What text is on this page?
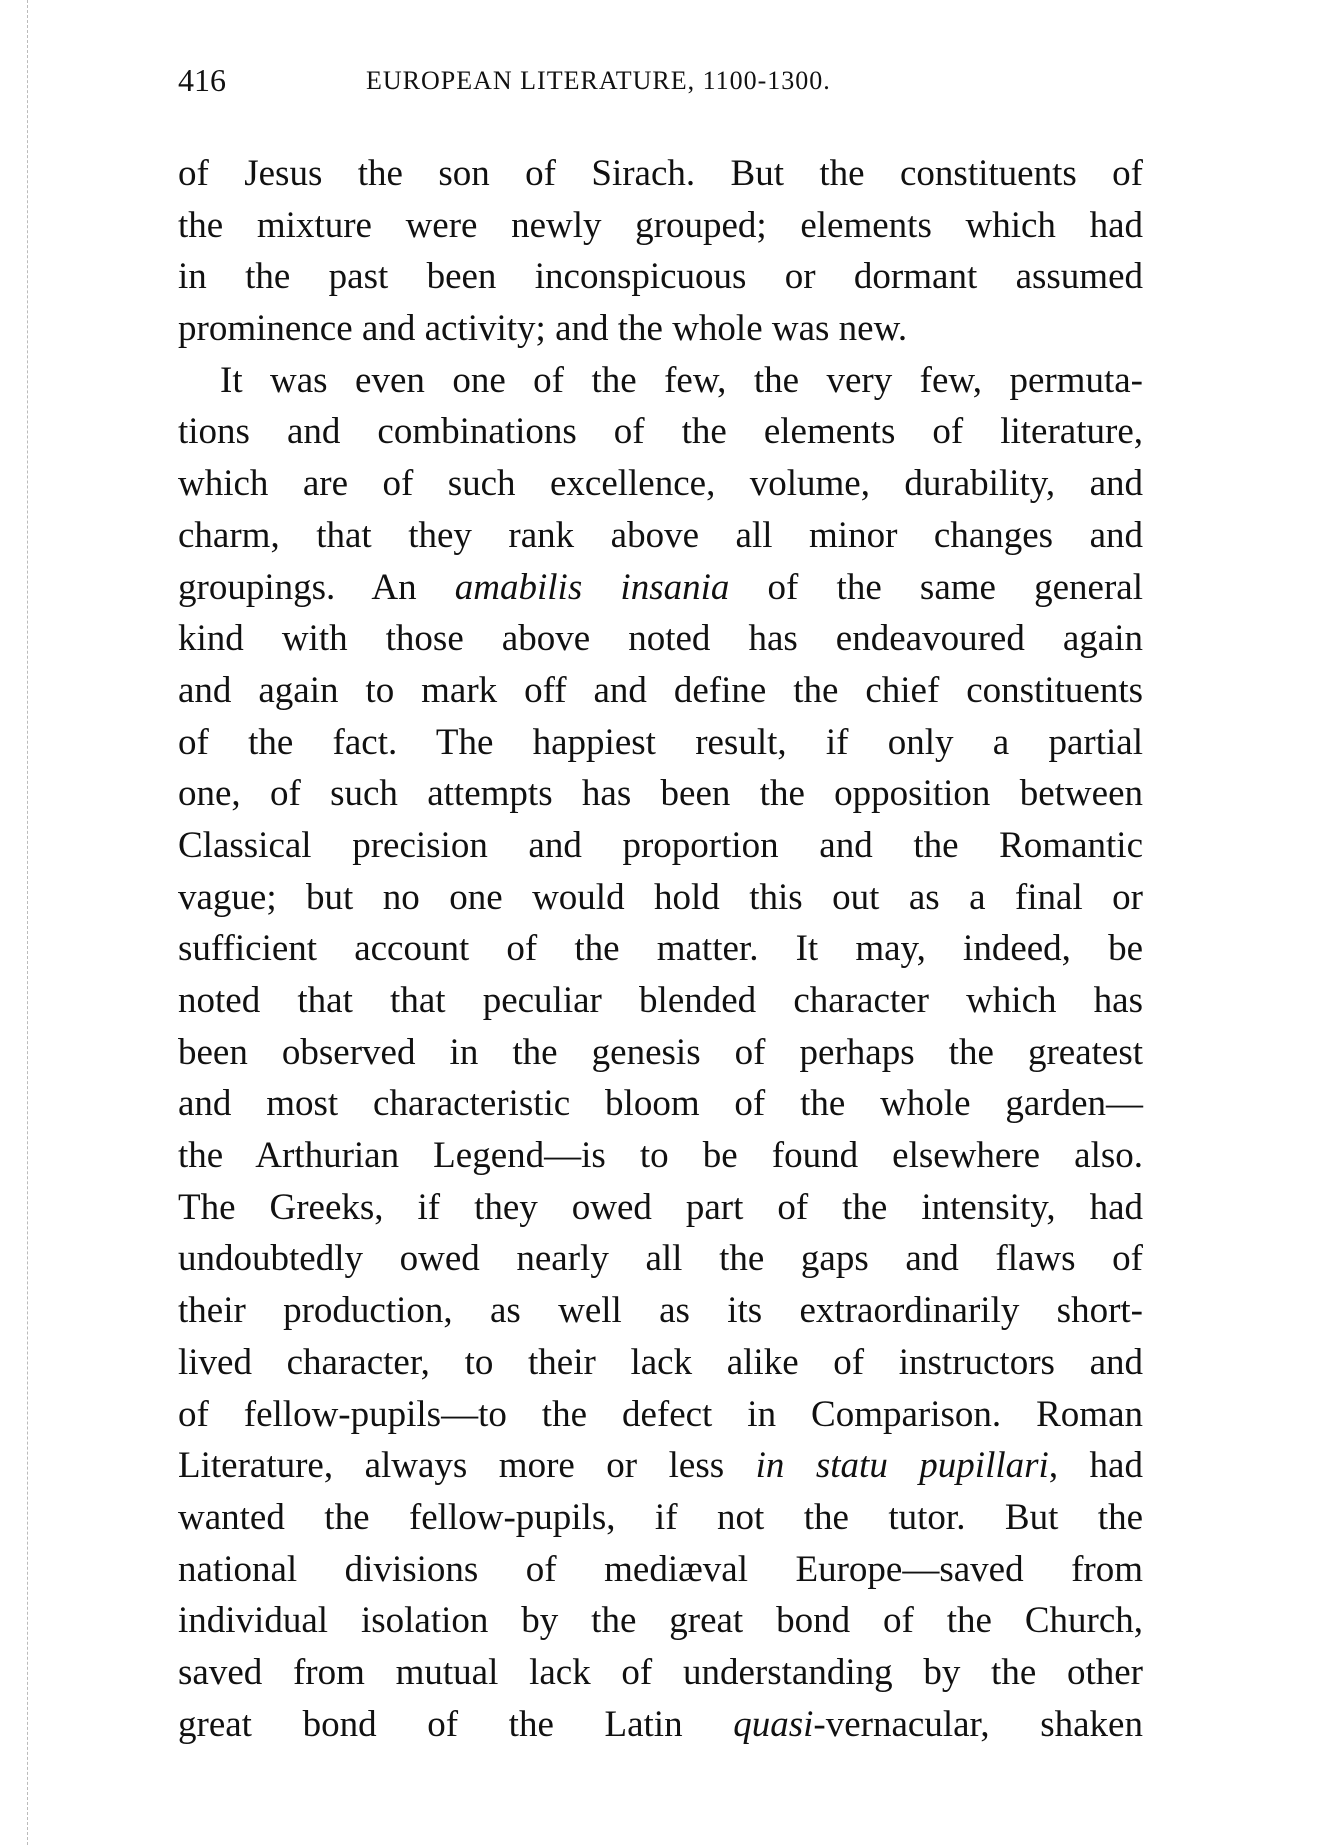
416	EUROPEAN LITERATURE, 1100-1300.
of Jesus the son of Sirach. But the constituents of
the mixture were newly grouped; elements which had
in the past been inconspicuous or dormant assumed
prominence and activity; and the whole was new.
It was even one of the few, the very few, permuta-
tions and combinations of the elements of literature,
which are of such excellence, volume, durability, and
charm, that they rank above all minor changes and
groupings. An amabilis insania of the same general
kind with those above noted has endeavoured again
and again to mark off and define the chief constituents
of the fact. The happiest result, if only a partial
one, of such attempts has been the opposition between
Classical precision and proportion and the Romantic
vague; but no one would hold this out as a final or
sufficient account of the matter. It may, indeed, be
noted that that peculiar blended character which has
been observed in the genesis of perhaps the greatest
and most characteristic bloom of the whole garden—
the Arthurian Legend—is to be found elsewhere also.
The Greeks, if they owed part of the intensity, had
undoubtedly owed nearly all the gaps and flaws of
their production, as well as its extraordinarily short-
lived character, to their lack alike of instructors and
of fellow-pupils—to the defect in Comparison. Roman
Literature, always more or less in statu pupillari, had
wanted the fellow-pupils, if not the tutor. But the
national divisions of mediæval Europe—saved from
individual isolation by the great bond of the Church,
saved from mutual lack of understanding by the other
great bond of the Latin quasi-vernacular, shaken
